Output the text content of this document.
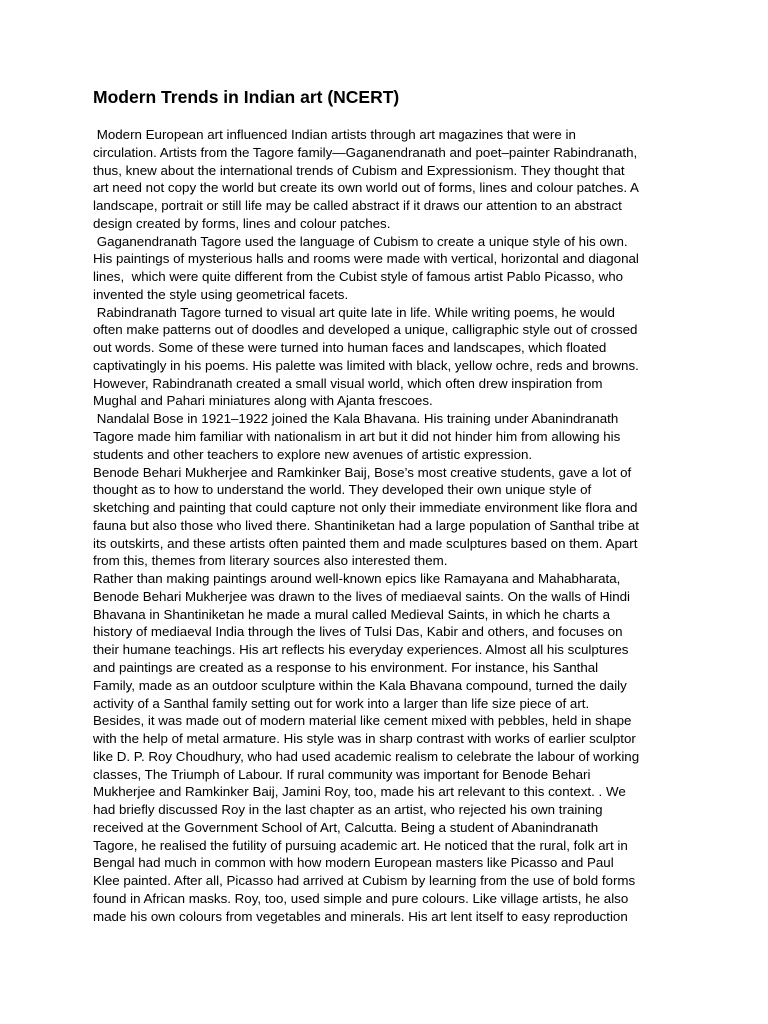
Modern Trends in Indian art (NCERT)
Modern European art influenced Indian artists through art magazines that were in
circulation. Artists from the Tagore family—Gaganendranath and poet–painter Rabindranath,
thus, knew about the international trends of Cubism and Expressionism. They thought that
art need not copy the world but create its own world out of forms, lines and colour patches. A
landscape, portrait or still life may be called abstract if it draws our attention to an abstract
design created by forms, lines and colour patches.
Gaganendranath Tagore used the language of Cubism to create a unique style of his own.
His paintings of mysterious halls and rooms were made with vertical, horizontal and diagonal
lines,  which were quite different from the Cubist style of famous artist Pablo Picasso, who
invented the style using geometrical facets.
Rabindranath Tagore turned to visual art quite late in life. While writing poems, he would
often make patterns out of doodles and developed a unique, calligraphic style out of crossed
out words. Some of these were turned into human faces and landscapes, which floated
captivatingly in his poems. His palette was limited with black, yellow ochre, reds and browns.
However, Rabindranath created a small visual world, which often drew inspiration from
Mughal and Pahari miniatures along with Ajanta frescoes.
Nandalal Bose in 1921–1922 joined the Kala Bhavana. His training under Abanindranath
Tagore made him familiar with nationalism in art but it did not hinder him from allowing his
students and other teachers to explore new avenues of artistic expression.
Benode Behari Mukherjee and Ramkinker Baij, Bose’s most creative students, gave a lot of
thought as to how to understand the world. They developed their own unique style of
sketching and painting that could capture not only their immediate environment like flora and
fauna but also those who lived there. Shantiniketan had a large population of Santhal tribe at
its outskirts, and these artists often painted them and made sculptures based on them. Apart
from this, themes from literary sources also interested them.
Rather than making paintings around well-known epics like Ramayana and Mahabharata,
Benode Behari Mukherjee was drawn to the lives of mediaeval saints. On the walls of Hindi
Bhavana in Shantiniketan he made a mural called Medieval Saints, in which he charts a
history of mediaeval India through the lives of Tulsi Das, Kabir and others, and focuses on
their humane teachings. His art reflects his everyday experiences. Almost all his sculptures
and paintings are created as a response to his environment. For instance, his Santhal
Family, made as an outdoor sculpture within the Kala Bhavana compound, turned the daily
activity of a Santhal family setting out for work into a larger than life size piece of art.
Besides, it was made out of modern material like cement mixed with pebbles, held in shape
with the help of metal armature. His style was in sharp contrast with works of earlier sculptor
like D. P. Roy Choudhury, who had used academic realism to celebrate the labour of working
classes, The Triumph of Labour. If rural community was important for Benode Behari
Mukherjee and Ramkinker Baij, Jamini Roy, too, made his art relevant to this context. . We
had briefly discussed Roy in the last chapter as an artist, who rejected his own training
received at the Government School of Art, Calcutta. Being a student of Abanindranath
Tagore, he realised the futility of pursuing academic art. He noticed that the rural, folk art in
Bengal had much in common with how modern European masters like Picasso and Paul
Klee painted. After all, Picasso had arrived at Cubism by learning from the use of bold forms
found in African masks. Roy, too, used simple and pure colours. Like village artists, he also
made his own colours from vegetables and minerals. His art lent itself to easy reproduction
